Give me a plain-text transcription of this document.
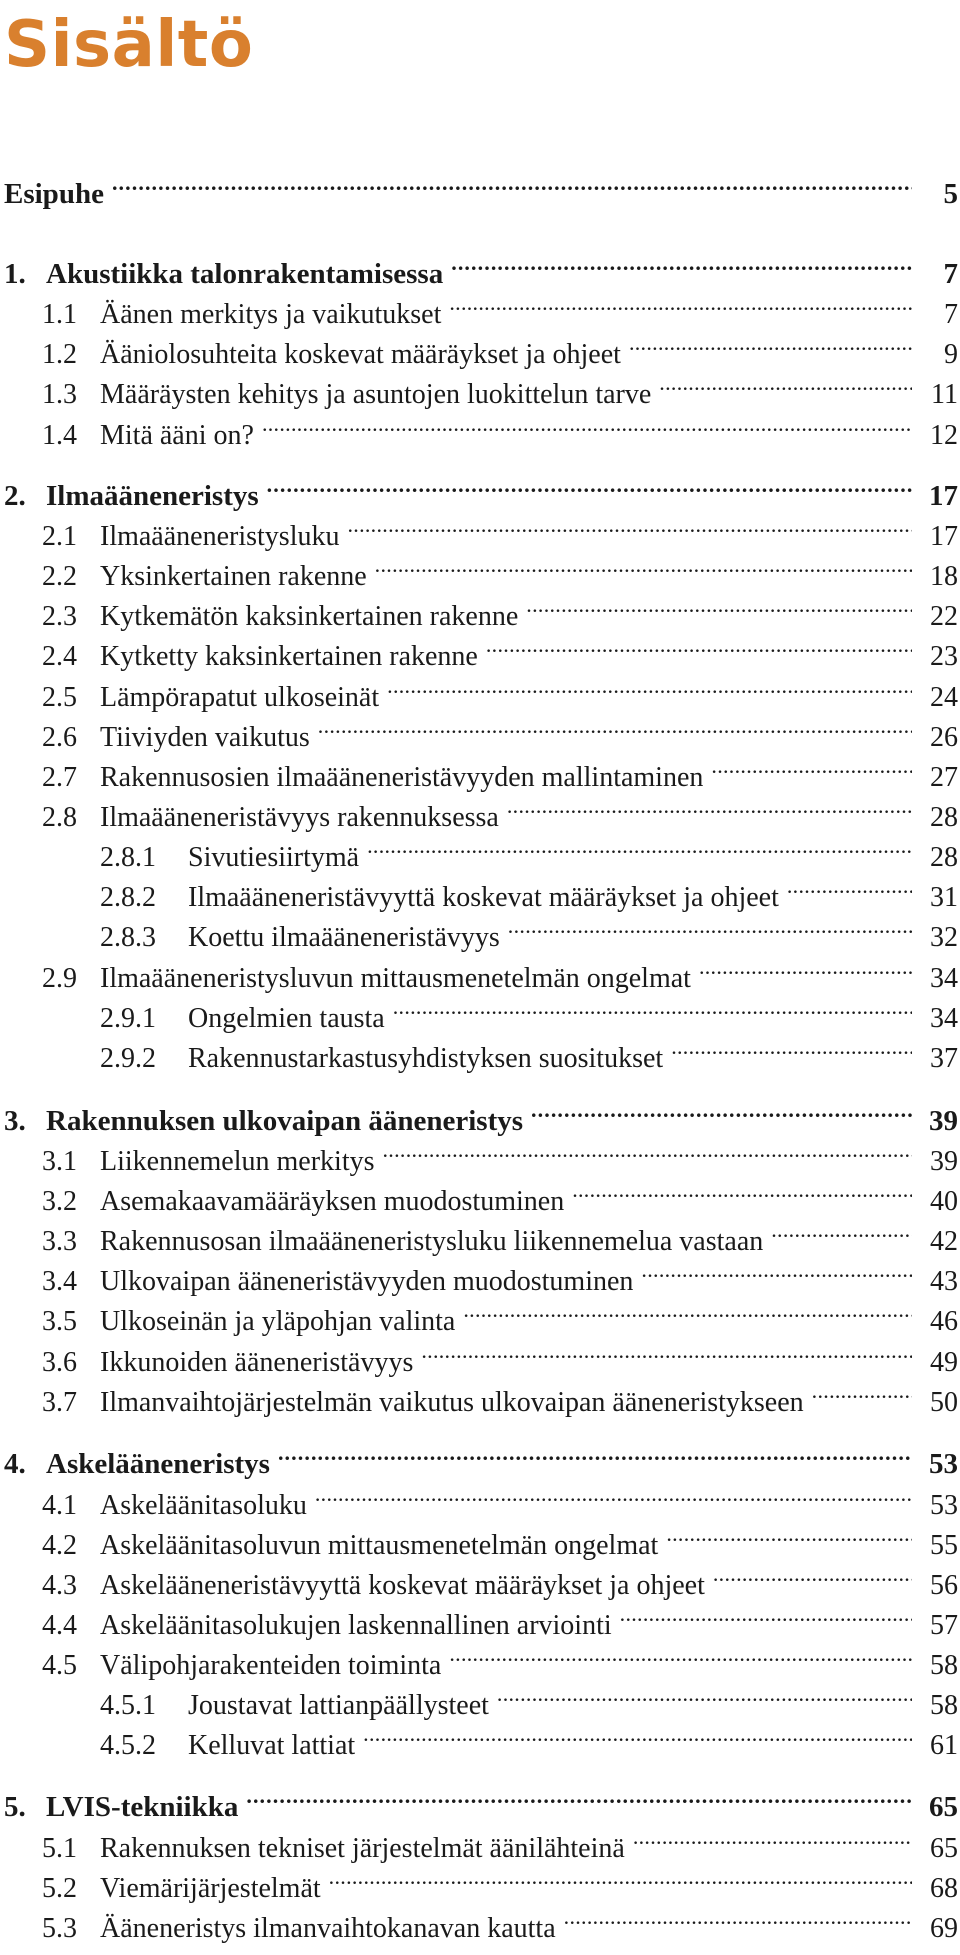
Sisältö
Esipuhe . . .	5
1. Akustiikka talonrakentamisessa . . .	7
1.1 Äänen merkitys ja vaikutukset . . .	7
1.2 Ääniolosuhteita koskevat määräykset ja ohjeet . . .	9
1.3 Määräysten kehitys ja asuntojen luokittelun tarve . . .	11
1.4 Mitä ääni on? . . .	12
2. Ilmaääneneristys . . .	17
2.1 Ilmaääneneristysluku . . .	17
2.2 Yksinkertainen rakenne . . .	18
2.3 Kytkemätön kaksinkertainen rakenne . . .	22
2.4 Kytketty kaksinkertainen rakenne . . .	23
2.5 Lämpörapatut ulkoseinät . . .	24
2.6 Tiiviyden vaikutus . . .	26
2.7 Rakennusosien ilmaääneneristävyyden mallintaminen . . .	27
2.8 Ilmaääneneristävyys rakennuksessa . . .	28
2.8.1	Sivutiesiirtymä . . .	28
2.8.2	Ilmaääneneristävyyttä koskevat määräykset ja ohjeet . . .	31
2.8.3	Koettu ilmaääneneristävyys . . .	32
2.9 Ilmaääneneristysluvun mittausmenetelmän ongelmat . . .	34
2.9.1	Ongelmien tausta . . .	34
2.9.2	Rakennustarkastusyhdistyksen suositukset . . .	37
3. Rakennuksen ulkovaipan ääneneristys . . .	39
3.1 Liikennemelun merkitys . . .	39
3.2 Asemakaavamääräyksen muodostuminen . . .	40
3.3 Rakennusosan ilmaääneneristysluku liikennemelua vastaan . . .	42
3.4 Ulkovaipan ääneneristävyyden muodostuminen . . .	43
3.5 Ulkoseinän ja yläpohjan valinta . . .	46
3.6 Ikkunoiden ääneneristävyys . . .	49
3.7 Ilmanvaihtojärjestelmän vaikutus ulkovaipan ääneneristykseen . . .	50
4. Askelääneneristys . . .	53
4.1 Askeläänitasoluku . . .	53
4.2 Askeläänitasoluvun mittausmenetelmän ongelmat . . .	55
4.3 Askelääneneristävyyttä koskevat määräykset ja ohjeet . . .	56
4.4 Askeläänitasolukujen laskennallinen arviointi . . .	57
4.5 Välipohjarakenteiden toiminta . . .	58
4.5.1	Joustavat lattianpäällysteet . . .	58
4.5.2	Kelluvat lattiat . . .	61
5. LVIS-tekniikka . . .	65
5.1 Rakennuksen tekniset järjestelmät äänilähteinä . . .	65
5.2 Viemärijärjestelmät . . .	68
5.3 Ääneneristys ilmanvaihtokanavan kautta . . .	69
